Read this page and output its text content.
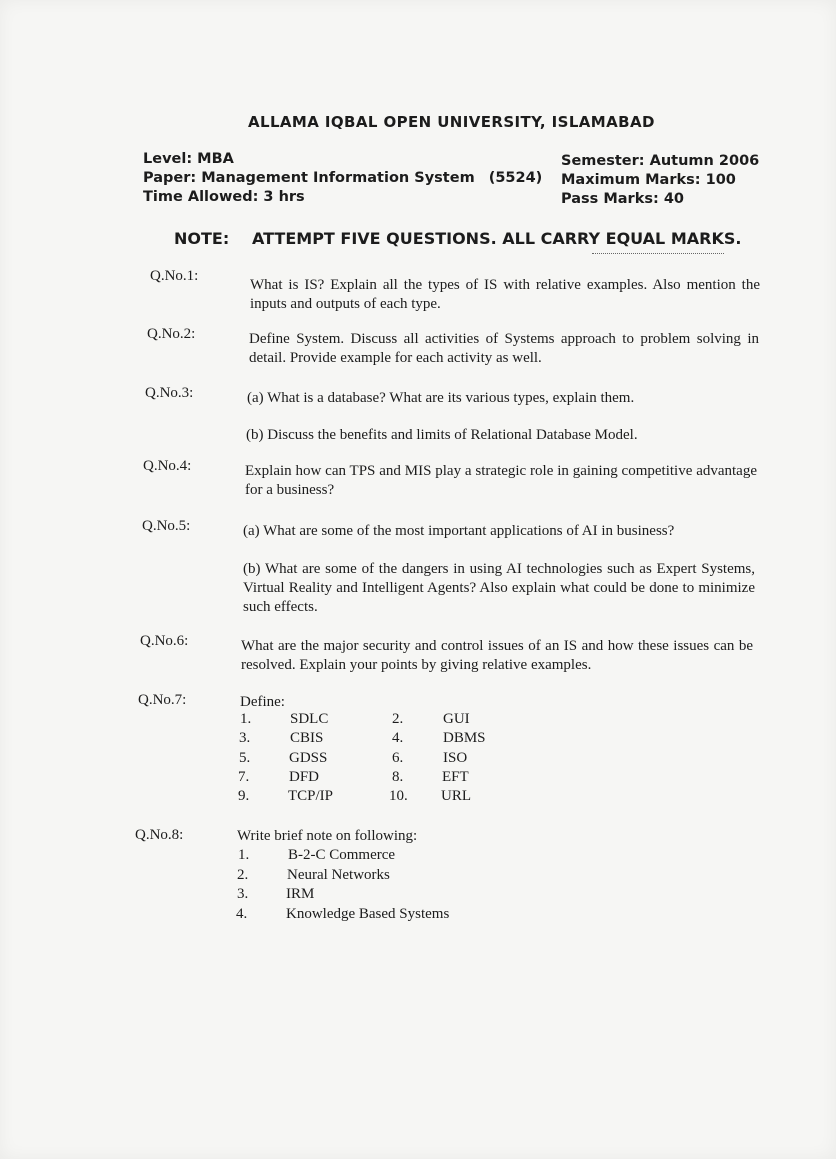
ALLAMA IQBAL OPEN UNIVERSITY, ISLAMABAD
Level: MBA
Paper: Management Information System (5524)
Time Allowed: 3 hrs
Semester: Autumn 2006
Maximum Marks: 100
Pass Marks: 40
NOTE: ATTEMPT FIVE QUESTIONS. ALL CARRY EQUAL MARKS.
Q.No.1:
What is IS? Explain all the types of IS with relative examples. Also mention the inputs and outputs of each type.
Q.No.2:	Define System. Discuss all activities of Systems approach to problem solving in detail. Provide example for each activity as well.
Q.No.3:	(a) What is a database? What are its various types, explain them.
(b) Discuss the benefits and limits of Relational Database Model.
Q.No.4:	Explain how can TPS and MIS play a strategic role in gaining competitive advantage for a business?
Q.No.5:	(a) What are some of the most important applications of AI in business?
(b) What are some of the dangers in using AI technologies such as Expert Systems, Virtual Reality and Intelligent Agents? Also explain what could be done to minimize such effects.
Q.No.6:	What are the major security and control issues of an IS and how these issues can be resolved. Explain your points by giving relative examples.
Q.No.7:	Define:
1.	SDLC	2.	GUI
3.	CBIS	4.	DBMS
5.	GDSS	6.	ISO
7.	DFD	8.	EFT
9.	TCP/IP	10. URL
Q.No.8:	Write brief note on following:
1.	B-2-C Commerce
2.	Neural Networks
3.	IRM
4.	Knowledge Based Systems
